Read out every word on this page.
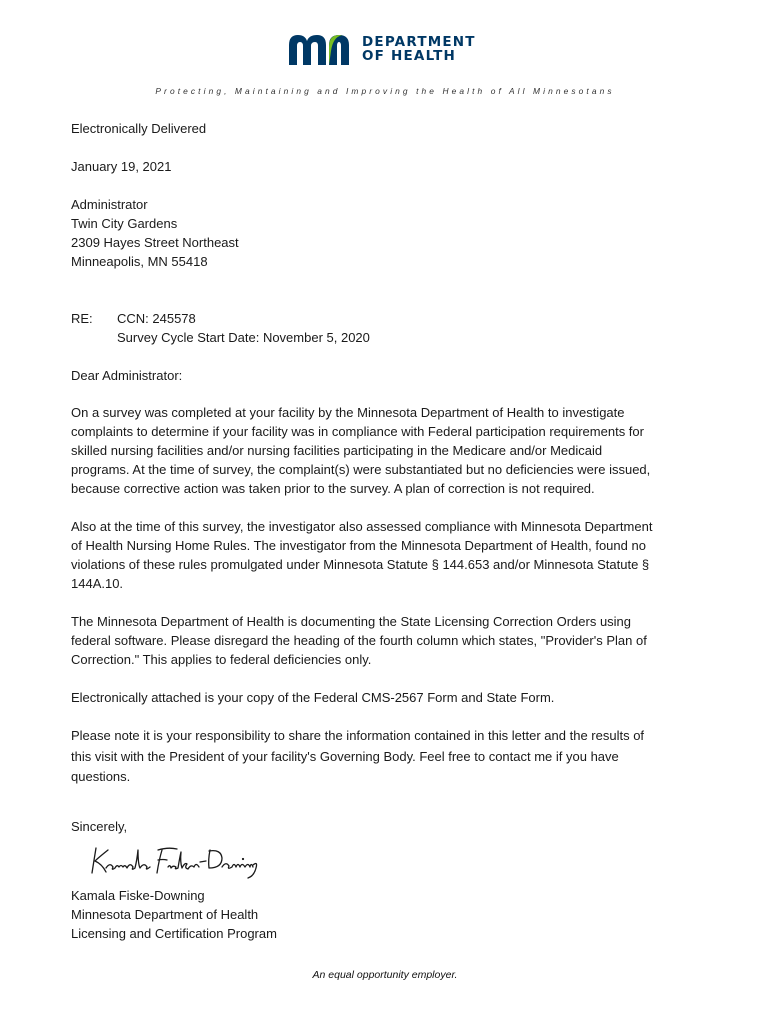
DEPARTMENT
OF HEALTH
Protecting, Maintaining and Improving the Health of All Minnesotans
Electronically Delivered
January 19, 2021
Administrator
Twin City Gardens
2309 Hayes Street Northeast
Minneapolis, MN 55418
RE: CCN: 245578
Survey Cycle Start Date: November 5, 2020
Dear Administrator:

On a survey was completed at your facility by the Minnesota Department of Health to investigate

complaints to determine if your facility was in compliance with Federal participation requirements for

skilled nursing facilities and/or nursing facilities participating in the Medicare and/or Medicaid

programs. At the time of survey, the complaint(s) were substantiated but no deficiencies were issued,

because corrective action was taken prior to the survey. A plan of correction is not required.

Also at the time of this survey, the investigator also assessed compliance with Minnesota Department

of Health Nursing Home Rules. The investigator from the Minnesota Department of Health, found no

violations of these rules promulgated under Minnesota Statute § 144.653 and/or Minnesota Statute §

144A.10.

The Minnesota Department of Health is documenting the State Licensing Correction Orders using

federal software. Please disregard the heading of the fourth column which states, "Provider's Plan of

Correction." This applies to federal deficiencies only.

Electronically attached is your copy of the Federal CMS-2567 Form and State Form.

Please note it is your responsibility to share the information contained in this letter and the results of

this visit with the President of your facility's Governing Body. Feel free to contact me if you have

questions.

Sincerely,
Kamala Fiske-Downing
Minnesota Department of Health
Licensing and Certification Program
An equal opportunity employer.
